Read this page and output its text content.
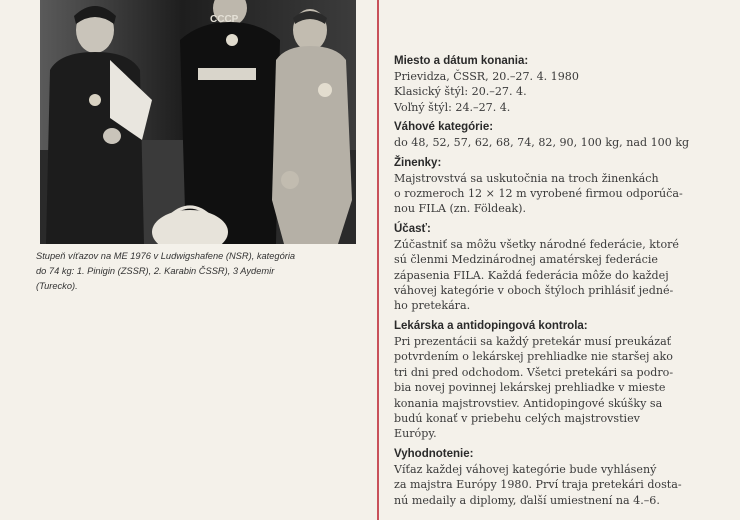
CCCP

Stupeň víťazov na ME 1976 v Ludwigshafene (NSR), kategória

do 74 kg: 1. Pinigin (ZSSR), 2. Karabin ČSSR), 3 Aydemir

(Turecko).

Miesto a dátum konania:
Prievidza, ČSSR, 20.–27. 4. 1980
Klasický štýl: 20.–27. 4.
Voľný štýl: 24.–27. 4.
Váhové kategórie:
do 48, 52, 57, 62, 68, 74, 82, 90, 100 kg, nad 100 kg
Žinenky:
Majstrovstvá sa uskutočnia na troch žinenkách
o rozmeroch 12 × 12 m vyrobené firmou odporúča-
nou FILA (zn. Földeak).
Účasť:
Zúčastniť sa môžu všetky národné federácie, ktoré
sú členmi Medzinárodnej amatérskej federácie
zápasenia FILA. Každá federácia môže do každej
váhovej kategórie v oboch štýloch prihlásiť jedné-
ho pretekára.
Lekárska a antidopingová kontrola:
Pri prezentácii sa každý pretekár musí preukázať
potvrdením o lekárskej prehliadke nie staršej ako
tri dni pred odchodom. Všetci pretekári sa podro-
bia novej povinnej lekárskej prehliadke v mieste
konania majstrovstiev. Antidopingové skúšky sa
budú konať v priebehu celých majstrovstiev
Európy.
Vyhodnotenie:
Víťaz každej váhovej kategórie bude vyhlásený
za majstra Európy 1980. Prví traja pretekári dosta-
nú medaily a diplomy, ďalší umiestnení na 4.–6.
